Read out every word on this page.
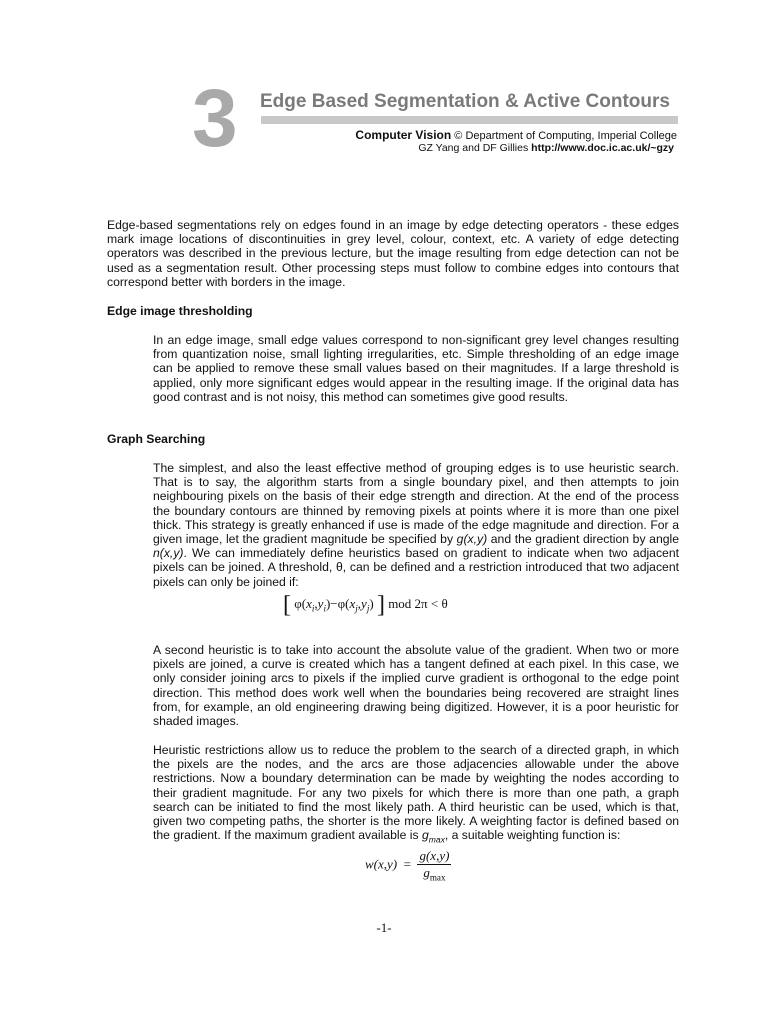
3 Edge Based Segmentation & Active Contours
Computer Vision © Department of Computing, Imperial College
GZ Yang and DF Gillies http://www.doc.ic.ac.uk/~gzy

Edge-based segmentations rely on edges found in an image by edge detecting operators - these edges mark image locations of discontinuities in grey level, colour, context, etc. A variety of edge detecting operators was described in the previous lecture, but the image resulting from edge detection can not be used as a segmentation result. Other processing steps must follow to combine edges into contours that correspond better with borders in the image.

Edge image thresholding

In an edge image, small edge values correspond to non-significant grey level changes resulting from quantization noise, small lighting irregularities, etc. Simple thresholding of an edge image can be applied to remove these small values based on their magnitudes. If a large threshold is applied, only more significant edges would appear in the resulting image. If the original data has good contrast and is not noisy, this method can sometimes give good results.

Graph Searching

The simplest, and also the least effective method of grouping edges is to use heuristic search. That is to say, the algorithm starts from a single boundary pixel, and then attempts to join neighbouring pixels on the basis of their edge strength and direction. At the end of the process the boundary contours are thinned by removing pixels at points where it is more than one pixel thick. This strategy is greatly enhanced if use is made of the edge magnitude and direction. For a given image, let the gradient magnitude be specified by g(x,y) and the gradient direction by angle n(x,y). We can immediately define heuristics based on gradient to indicate when two adjacent pixels can be joined. A threshold, θ, can be defined and a restriction introduced that two adjacent pixels can only be joined if:

[ $\varphi(x_i,y_i)-\varphi(x_j,y_j)$ ] mod 2π < θ

A second heuristic is to take into account the absolute value of the gradient. When two or more pixels are joined, a curve is created which has a tangent defined at each pixel. In this case, we only consider joining arcs to pixels if the implied curve gradient is orthogonal to the edge point direction. This method does work well when the boundaries being recovered are straight lines from, for example, an old engineering drawing being digitized. However, it is a poor heuristic for shaded images.

Heuristic restrictions allow us to reduce the problem to the search of a directed graph, in which the pixels are the nodes, and the arcs are those adjacencies allowable under the above restrictions. Now a boundary determination can be made by weighting the nodes according to their gradient magnitude. For any two pixels for which there is more than one path, a graph search can be initiated to find the most likely path. A third heuristic can be used, which is that, given two competing paths, the shorter is the more likely. A weighting factor is defined based on the gradient. If the maximum gradient available is $g_{max}$, a suitable weighting function is:

$w(x,y) = \frac{g(x,y)}{g_{max}}$
-1-
